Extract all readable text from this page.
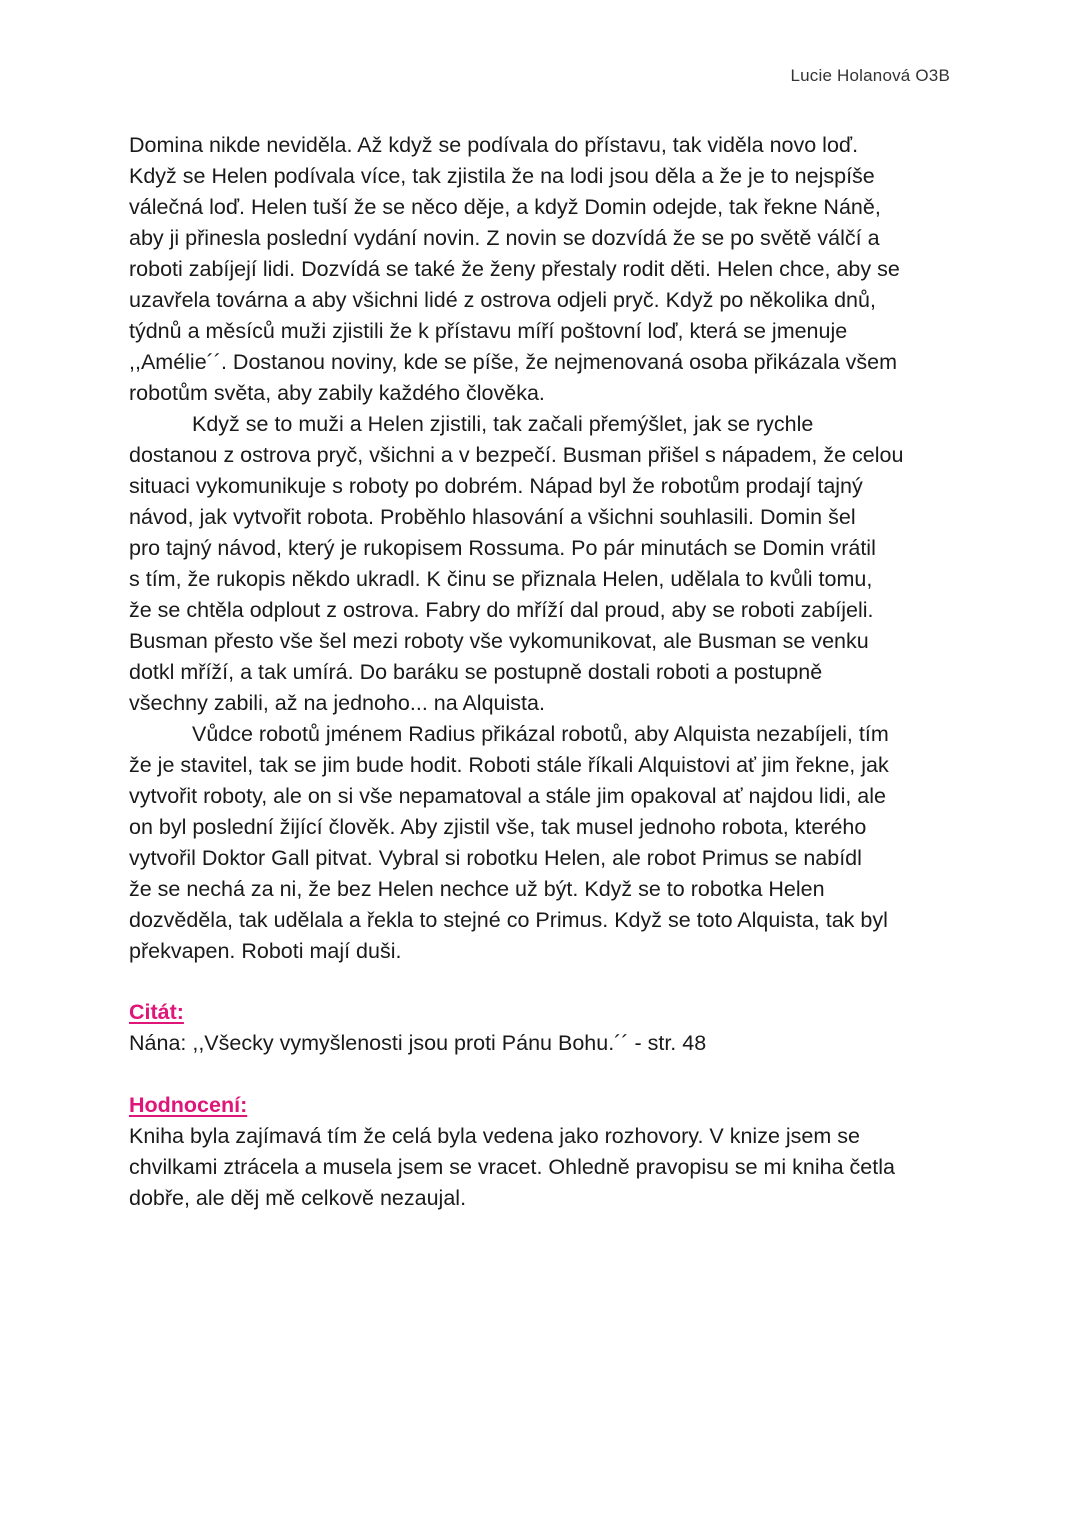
Lucie Holanová O3B

Domina nikde neviděla. Až když se podívala do přístavu, tak viděla novo loď.
Když se Helen podívala více, tak zjistila že na lodi jsou děla a že je to nejspíše
válečná loď. Helen tuší že se něco děje, a když Domin odejde, tak řekne Náně,
aby ji přinesla poslední vydání novin. Z novin se dozvídá že se po světě válčí a
roboti zabíjejí lidi. Dozvídá se také že ženy přestaly rodit děti. Helen chce, aby se
uzavřela továrna a aby všichni lidé z ostrova odjeli pryč. Když po několika dnů,
týdnů a měsíců muži zjistili že k přístavu míří poštovní loď, která se jmenuje
,,Amélie´´. Dostanou noviny, kde se píše, že nejmenovaná osoba přikázala všem
robotům světa, aby zabily každého člověka.

Když se to muži a Helen zjistili, tak začali přemýšlet, jak se rychle
dostanou z ostrova pryč, všichni a v bezpečí. Busman přišel s nápadem, že celou
situaci vykomunikuje s roboty po dobrém. Nápad byl že robotům prodají tajný
návod, jak vytvořit robota. Proběhlo hlasování a všichni souhlasili. Domin šel
pro tajný návod, který je rukopisem Rossuma. Po pár minutách se Domin vrátil
s tím, že rukopis někdo ukradl. K činu se přiznala Helen, udělala to kvůli tomu,
že se chtěla odplout z ostrova. Fabry do mříží dal proud, aby se roboti zabíjeli.
Busman přesto vše šel mezi roboty vše vykomunikovat, ale Busman se venku
dotkl mříží, a tak umírá. Do baráku se postupně dostali roboti a postupně
všechny zabili, až na jednoho... na Alquista.

Vůdce robotů jménem Radius přikázal robotů, aby Alquista nezabíjeli, tím
že je stavitel, tak se jim bude hodit. Roboti stále říkali Alquistovi ať jim řekne, jak
vytvořit roboty, ale on si vše nepamatoval a stále jim opakoval ať najdou lidi, ale
on byl poslední žijící člověk. Aby zjistil vše, tak musel jednoho robota, kterého
vytvořil Doktor Gall pitvat. Vybral si robotku Helen, ale robot Primus se nabídl
že se nechá za ni, že bez Helen nechce už být. Když se to robotka Helen
dozvěděla, tak udělala a řekla to stejné co Primus. Když se toto Alquista, tak byl
překvapen. Roboti mají duši.

Citát:

Nána: ,,Všecky vymyšlenosti jsou proti Pánu Bohu.´´ - str. 48

Hodnocení:

Kniha byla zajímavá tím že celá byla vedena jako rozhovory. V knize jsem se
chvilkami ztrácela a musela jsem se vracet. Ohledně pravopisu se mi kniha četla
dobře, ale děj mě celkově nezaujal.
